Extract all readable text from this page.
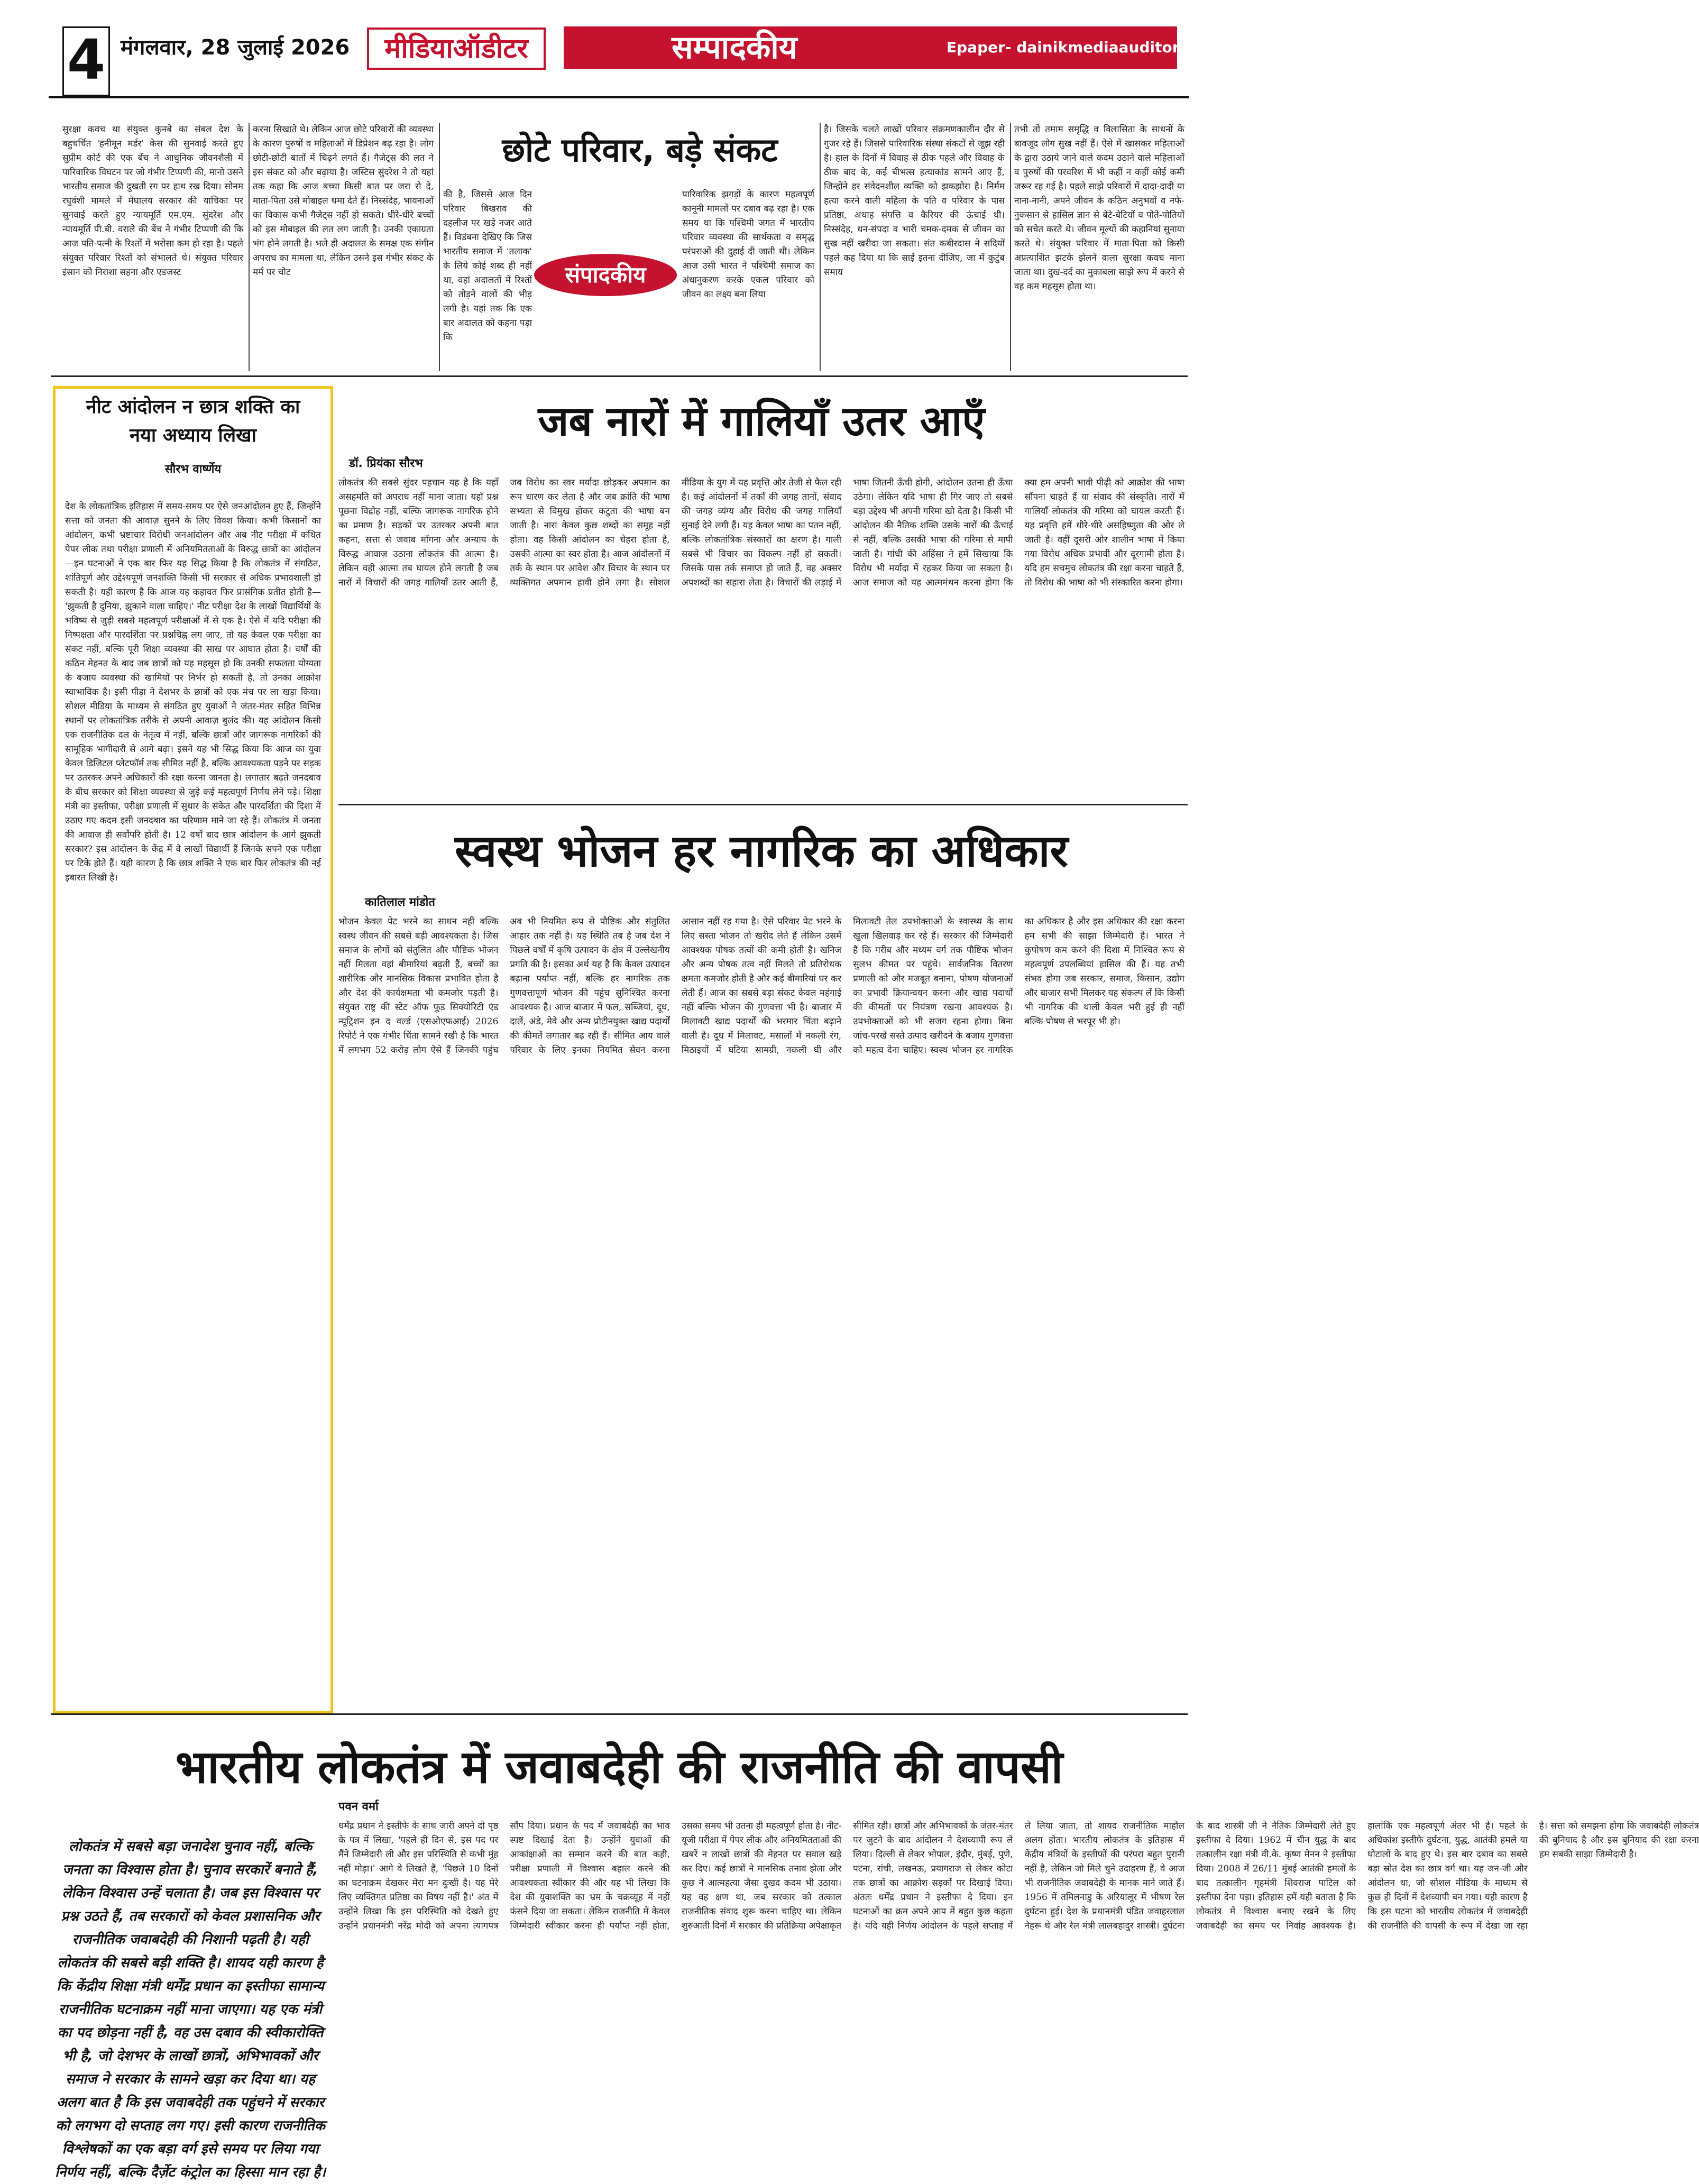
4 मंगलवार, 28 जुलाई 2026	मीडियाऑडीटर	सम्पादकीय	Epaper- dainikmediaauditor.in
सुरक्षा कवच था संयुक्त कुनबे का संबल देश के बहुचर्चित 'हनीमून मर्डर' केस की सुनवाई करते हुए सुप्रीम कोर्ट की एक बेंच ने आधुनिक जीवनशैली में पारिवारिक विघटन पर जो गंभीर टिप्पणी की, मानो उसने भारतीय समाज की दुखती रग पर हाथ रख दिया। सोनम रघुवंशी मामले में मेघालय सरकार की याचिका पर सुनवाई करते हुए न्यायमूर्ति एम.एम. सुंदरेश और न्यायमूर्ति पी.बी. वराले की बेंच ने गंभीर टिप्पणी की कि आज पति-पत्नी के रिश्तों में भरोसा कम हो रहा है। पहले संयुक्त परिवार रिश्तों को संभालते थे। संयुक्त परिवार इंसान को निराशा सहना और एडजस्ट
करना सिखाते थे। लेकिन आज छोटे परिवारों की व्यवस्था के कारण पुरुषों व महिलाओं में डिप्रेशन बढ़ रहा है। लोग छोटी-छोटी बातों में चिढ़ने लगते हैं। गैजेट्स की लत ने इस संकट को और बढ़ाया है। जस्टिस सुंदरेश ने तो यहां तक कहा कि आज बच्चा किसी बात पर जरा रो दे, माता-पिता उसे मोबाइल थमा देते हैं। निस्संदेह, भावनाओं का विकास कभी गैजेट्स नहीं हो सकते। धीरे-धीरे बच्चों को इस मोबाइल की लत लग जाती है। उनकी एकाग्रता भंग होने लगती है। भले ही अदालत के समक्ष एक संगीन अपराध का मामला था, लेकिन उसने इस गंभीर संकट के मर्म पर चोट
छोटे परिवार, बड़े संकट
संपादकीय
की है, जिससे आज दिन परिवार बिखराव की दहलीज पर खड़े नजर आते हैं। विडंबना देखिए कि जिस भारतीय समाज में 'तलाक' के लिये कोई शब्द ही नहीं था, वहां अदालतों में रिश्तों को तोड़ने वालों की भीड़ लगी है। यहां तक कि एक बार अदालत को कहना पड़ा कि
पारिवारिक झगड़ों के कारण महत्वपूर्ण कानूनी मामलों पर दबाव बढ़ रहा है। एक समय था कि पश्चिमी जगत में भारतीय परिवार व्यवस्था की सार्थकता व समृद्ध परंपराओं की दुहाई दी जाती थी। लेकिन आज उसी भारत ने पश्चिमी समाज का अंधानुकरण करके एकल परिवार को जीवन का लक्ष्य बना लिया
है। जिसके चलते लाखों परिवार संक्रमणकालीन दौर से गुजर रहे हैं। जिससे पारिवारिक संस्था संकटों से जूझ रही है। हाल के दिनों में विवाह से ठीक पहले और विवाह के ठीक बाद के, कई बीभत्स हत्याकांड सामने आए हैं, जिन्होंने हर संवेदनशील व्यक्ति को झकझोरा है। निर्मम हत्या करने वाली महिला के पति व परिवार के पास प्रतिष्ठा, अथाह संपत्ति व कैरियर की ऊंचाई थी। निस्संदेह, धन-संपदा व भारी चमक-दमक से जीवन का सुख नहीं खरीदा जा सकता। संत कबीरदास ने सदियों पहले कह दिया था कि साईं इतना दीजिए, जा में कुटुंब समाय
तभी तो तमाम समृद्धि व विलासिता के साधनों के बावजूद लोग सुख नहीं हैं। ऐसे में खासकर महिलाओं के द्वारा उठाये जाने वाले कदम उठाने वाले महिलाओं व पुरुषों की परवरिश में भी कहीं न कहीं कोई कमी जरूर रह गई है। पहले साझे परिवारों में दादा-दादी या नाना-नानी, अपने जीवन के कठिन अनुभवों व नफे-नुकसान से हासिल ज्ञान से बेटे-बेटियों व पोते-पोतियों को सचेत करते थे। जीवन मूल्यों की कहानियां सुनाया करते थे। संयुक्त परिवार में माता-पिता को किसी अप्रत्याशित झटके झेलने वाला सुरक्षा कवच माना जाता था। दुख-दर्द का मुकाबला साझे रूप में करने से वह कम महसूस होता था।
नीट आंदोलन न छात्र शक्ति का नया अध्याय लिखा
सौरभ वार्ष्णेय
देश के लोकतांत्रिक इतिहास में समय-समय पर ऐसे जनआंदोलन हुए हैं, जिन्होंने सत्ता को जनता की आवाज़ सुनने के लिए विवश किया। कभी किसानों का आंदोलन, कभी भ्रष्टाचार विरोधी जनआंदोलन और अब नीट परीक्षा में कथित पेपर लीक तथा परीक्षा प्रणाली में अनियमितताओं के विरुद्ध छात्रों का आंदोलन—इन घटनाओं ने एक बार फिर यह सिद्ध किया है कि लोकतंत्र में संगठित, शांतिपूर्ण और उद्देश्यपूर्ण जनशक्ति किसी भी सरकार से अधिक प्रभावशाली हो सकती है। यही कारण है कि आज यह कहावत फिर प्रासंगिक प्रतीत होती है— 'झुकती है दुनिया, झुकाने वाला चाहिए।' नीट परीक्षा देश के लाखों विद्यार्थियों के भविष्य से जुड़ी सबसे महत्वपूर्ण परीक्षाओं में से एक है। ऐसे में यदि परीक्षा की निष्पक्षता और पारदर्शिता पर प्रश्नचिह्न लग जाए, तो यह केवल एक परीक्षा का संकट नहीं, बल्कि पूरी शिक्षा व्यवस्था की साख पर आघात होता है। वर्षों की कठिन मेहनत के बाद जब छात्रों को यह महसूस हो कि उनकी सफलता योग्यता के बजाय व्यवस्था की खामियों पर निर्भर हो सकती है, तो उनका आक्रोश स्वाभाविक है। इसी पीड़ा ने देशभर के छात्रों को एक मंच पर ला खड़ा किया। सोशल मीडिया के माध्यम से संगठित हुए युवाओं ने जंतर-मंतर सहित विभिन्न स्थानों पर लोकतांत्रिक तरीके से अपनी आवाज़ बुलंद की। यह आंदोलन किसी एक राजनीतिक दल के नेतृत्व में नहीं, बल्कि छात्रों और जागरूक नागरिकों की सामूहिक भागीदारी से आगे बढ़ा। इसने यह भी सिद्ध किया कि आज का युवा केवल डिजिटल प्लेटफॉर्म तक सीमित नहीं है, बल्कि आवश्यकता पड़ने पर सड़क पर उतरकर अपने अधिकारों की रक्षा करना जानता है। लगातार बढ़ते जनदबाव के बीच सरकार को शिक्षा व्यवस्था से जुड़े कई महत्वपूर्ण निर्णय लेने पड़े। शिक्षा मंत्री का इस्तीफा, परीक्षा प्रणाली में सुधार के संकेत और पारदर्शिता की दिशा में उठाए गए कदम इसी जनदबाव का परिणाम माने जा रहे हैं। लोकतंत्र में जनता की आवाज़ ही सर्वोपरि होती है। 12 वर्षों बाद छात्र आंदोलन के आगे झुकती सरकार? इस आंदोलन के केंद्र में वे लाखों विद्यार्थी हैं जिनके सपने एक परीक्षा पर टिके होते हैं। यही कारण है कि छात्र शक्ति ने एक बार फिर लोकतंत्र की नई इबारत लिखी है।
जब नारों में गालियाँ उतर आएँ
डॉ. प्रियंका सौरभ
लोकतंत्र की सबसे सुंदर पहचान यह है कि यहाँ असहमति को अपराध नहीं माना जाता। यहाँ प्रश्न पूछना विद्रोह नहीं, बल्कि जागरूक नागरिक होने का प्रमाण है। सड़कों पर उतरकर अपनी बात कहना, सत्ता से जवाब माँगना और अन्याय के विरुद्ध आवाज़ उठाना लोकतंत्र की आत्मा है। लेकिन वही आत्मा तब घायल होने लगती है जब नारों में विचारों की जगह गालियाँ उतर आती हैं, जब विरोध का स्वर मर्यादा छोड़कर अपमान का रूप धारण कर लेता है और जब क्रांति की भाषा सभ्यता से विमुख होकर कटुता की भाषा बन जाती है। नारा केवल कुछ शब्दों का समूह नहीं होता। वह किसी आंदोलन का चेहरा होता है, उसकी आत्मा का स्वर होता है। आज आंदोलनों में तर्क के स्थान पर आवेश और विचार के स्थान पर व्यक्तिगत अपमान हावी होने लगा है। सोशल मीडिया के युग में यह प्रवृत्ति और तेजी से फैल रही है। कई आंदोलनों में तर्कों की जगह तानों, संवाद की जगह व्यंग्य और विरोध की जगह गालियाँ सुनाई देने लगी हैं। यह केवल भाषा का पतन नहीं, बल्कि लोकतांत्रिक संस्कारों का क्षरण है। गाली सबसे भी विचार का विकल्प नहीं हो सकती। जिसके पास तर्क समाप्त हो जाते हैं, वह अक्सर अपशब्दों का सहारा लेता है। विचारों की लड़ाई में भाषा जितनी ऊँची होगी, आंदोलन उतना ही ऊँचा उठेगा। लेकिन यदि भाषा ही गिर जाए तो सबसे बड़ा उद्देश्य भी अपनी गरिमा खो देता है। किसी भी आंदोलन की नैतिक शक्ति उसके नारों की ऊँचाई से नहीं, बल्कि उसकी भाषा की गरिमा से मापी जाती है। गांधी की अहिंसा ने हमें सिखाया कि विरोध भी मर्यादा में रहकर किया जा सकता है। आज समाज को यह आत्ममंथन करना होगा कि क्या हम अपनी भावी पीढ़ी को आक्रोश की भाषा सौंपना चाहते हैं या संवाद की संस्कृति। नारों में गालियाँ लोकतंत्र की गरिमा को घायल करती हैं। यह प्रवृत्ति हमें धीरे-धीरे असहिष्णुता की ओर ले जाती है। वहीं दूसरी ओर शालीन भाषा में किया गया विरोध अधिक प्रभावी और दूरगामी होता है। यदि हम सचमुच लोकतंत्र की रक्षा करना चाहते हैं, तो विरोध की भाषा को भी संस्कारित करना होगा।
स्वस्थ भोजन हर नागरिक का अधिकार
कातिलाल मांडोत
भोजन केवल पेट भरने का साधन नहीं बल्कि स्वस्थ जीवन की सबसे बड़ी आवश्यकता है। जिस समाज के लोगों को संतुलित और पौष्टिक भोजन नहीं मिलता वहां बीमारियां बढ़ती हैं, बच्चों का शारीरिक और मानसिक विकास प्रभावित होता है और देश की कार्यक्षमता भी कमजोर पड़ती है। संयुक्त राष्ट्र की स्टेट ऑफ फूड सिक्योरिटी एंड न्यूट्रिशन इन द वर्ल्ड (एसओएफआई) 2026 रिपोर्ट ने एक गंभीर चिंता सामने रखी है कि भारत में लगभग 52 करोड़ लोग ऐसे हैं जिनकी पहुंच अब भी नियमित रूप से पौष्टिक और संतुलित आहार तक नहीं है। यह स्थिति तब है जब देश ने पिछले वर्षों में कृषि उत्पादन के क्षेत्र में उल्लेखनीय प्रगति की है। इसका अर्थ यह है कि केवल उत्पादन बढ़ाना पर्याप्त नहीं, बल्कि हर नागरिक तक गुणवत्तापूर्ण भोजन की पहुंच सुनिश्चित करना आवश्यक है। आज बाजार में फल, सब्जियां, दूध, दालें, अंडे, मेवे और अन्य प्रोटीनयुक्त खाद्य पदार्थों की कीमतें लगातार बढ़ रही हैं। सीमित आय वाले परिवार के लिए इनका नियमित सेवन करना आसान नहीं रह गया है। ऐसे परिवार पेट भरने के लिए सस्ता भोजन तो खरीद लेते हैं लेकिन उसमें आवश्यक पोषक तत्वों की कमी होती है। खनिज और अन्य पोषक तत्व नहीं मिलते तो प्रतिरोधक क्षमता कमजोर होती है और कई बीमारियां घर कर लेती हैं। आज का सबसे बड़ा संकट केवल महंगाई नहीं बल्कि भोजन की गुणवत्ता भी है। बाजार में मिलावटी खाद्य पदार्थों की भरमार चिंता बढ़ाने वाली है। दूध में मिलावट, मसालों में नकली रंग, मिठाइयों में घटिया सामग्री, नकली घी और मिलावटी तेल उपभोक्ताओं के स्वास्थ्य के साथ खुला खिलवाड़ कर रहे हैं। सरकार की जिम्मेदारी है कि गरीब और मध्यम वर्ग तक पौष्टिक भोजन सुलभ कीमत पर पहुंचे। सार्वजनिक वितरण प्रणाली को और मजबूत बनाना, पोषण योजनाओं का प्रभावी क्रियान्वयन करना और खाद्य पदार्थों की कीमतों पर नियंत्रण रखना आवश्यक है। उपभोक्ताओं को भी सजग रहना होगा। बिना जांच-परखे सस्ते उत्पाद खरीदने के बजाय गुणवत्ता को महत्व देना चाहिए। स्वस्थ भोजन हर नागरिक का अधिकार है और इस अधिकार की रक्षा करना हम सभी की साझा जिम्मेदारी है। भारत ने कुपोषण कम करने की दिशा में निश्चित रूप से महत्वपूर्ण उपलब्धियां हासिल की हैं। यह तभी संभव होगा जब सरकार, समाज, किसान, उद्योग और बाजार सभी मिलकर यह संकल्प लें कि किसी भी नागरिक की थाली केवल भरी हुई ही नहीं बल्कि पोषण से भरपूर भी हो।
भारतीय लोकतंत्र में जवाबदेही की राजनीति की वापसी
लोकतंत्र में सबसे बड़ा जनादेश चुनाव नहीं, बल्कि जनता का विश्वास होता है। चुनाव सरकारें बनाते हैं, लेकिन विश्वास उन्हें चलाता है। जब इस विश्वास पर प्रश्न उठते हैं, तब सरकारों को केवल प्रशासनिक और राजनीतिक जवाबदेही की निशानी पढ़ती है। यही लोकतंत्र की सबसे बड़ी शक्ति है। शायद यही कारण है कि केंद्रीय शिक्षा मंत्री धर्मेंद्र प्रधान का इस्तीफा सामान्य राजनीतिक घटनाक्रम नहीं माना जाएगा। यह एक मंत्री का पद छोड़ना नहीं है, वह उस दबाव की स्वीकारोक्ति भी है, जो देशभर के लाखों छात्रों, अभिभावकों और समाज ने सरकार के सामने खड़ा कर दिया था। यह अलग बात है कि इस जवाबदेही तक पहुंचने में सरकार को लगभग दो सप्ताह लग गए। इसी कारण राजनीतिक विश्लेषकों का एक बड़ा वर्ग इसे समय पर लिया गया निर्णय नहीं, बल्कि दैर्ज़ेट कंट्रोल का हिस्सा मान रहा है।
पवन वर्मा
धर्मेंद्र प्रधान ने इस्तीफे के साथ जारी अपने दो पृष्ठ के पत्र में लिखा, 'पहले ही दिन से, इस पद पर मैंने जिम्मेदारी ली और इस परिस्थिति से कभी मुंह नहीं मोड़ा।' आगे वे लिखते हैं, 'पिछले 10 दिनों का घटनाक्रम देखकर मेरा मन दुःखी है। यह मेरे लिए व्यक्तिगत प्रतिष्ठा का विषय नहीं है।' अंत में उन्होंने लिखा कि इस परिस्थिति को देखते हुए उन्होंने प्रधानमंत्री नरेंद्र मोदी को अपना त्यागपत्र सौंप दिया। प्रधान के पद में जवाबदेही का भाव स्पष्ट दिखाई देता है। उन्होंने युवाओं की आकांक्षाओं का सम्मान करने की बात कही, परीक्षा प्रणाली में विश्वास बहाल करने की आवश्यकता स्वीकार की और यह भी लिखा कि देश की युवाशक्ति का भ्रम के चक्रव्यूह में नहीं फंसने दिया जा सकता। लेकिन राजनीति में केवल जिम्मेदारी स्वीकार करना ही पर्याप्त नहीं होता, उसका समय भी उतना ही महत्वपूर्ण होता है। नीट-यूजी परीक्षा में पेपर लीक और अनियमितताओं की खबरें न लाखों छात्रों की मेहनत पर सवाल खड़े कर दिए। कई छात्रों ने मानसिक तनाव झेला और कुछ ने आत्महत्या जैसा दुखद कदम भी उठाया। यह वह क्षण था, जब सरकार को तत्काल राजनीतिक संवाद शुरू करना चाहिए था। लेकिन शुरुआती दिनों में सरकार की प्रतिक्रिया अपेक्षाकृत सीमित रही। छात्रों और अभिभावकों के जंतर-मंतर पर जुटने के बाद आंदोलन ने देशव्यापी रूप ले लिया। दिल्ली से लेकर भोपाल, इंदौर, मुंबई, पुणे, पटना, रांची, लखनऊ, प्रयागराज से लेकर कोटा तक छात्रों का आक्रोश सड़कों पर दिखाई दिया। अंततः धर्मेंद्र प्रधान ने इस्तीफा दे दिया। इन घटनाओं का क्रम अपने आप में बहुत कुछ कहता है। यदि यही निर्णय आंदोलन के पहले सप्ताह में ले लिया जाता, तो शायद राजनीतिक माहौल अलग होता। भारतीय लोकतंत्र के इतिहास में केंद्रीय मंत्रियों के इस्तीफों की परंपरा बहुत पुरानी नहीं है, लेकिन जो मिले चुने उदाहरण हैं, वे आज भी राजनीतिक जवाबदेही के मानक माने जाते हैं। 1956 में तमिलनाडु के अरियालूर में भीषण रेल दुर्घटना हुई। देश के प्रधानमंत्री पंडित जवाहरलाल नेहरू थे और रेल मंत्री लालबहादुर शास्त्री। दुर्घटना के बाद शास्त्री जी ने नैतिक जिम्मेदारी लेते हुए इस्तीफा दे दिया। 1962 में चीन युद्ध के बाद तत्कालीन रक्षा मंत्री वी.के. कृष्ण मेनन ने इस्तीफा दिया। 2008 में 26/11 मुंबई आतंकी हमलों के बाद तत्कालीन गृहमंत्री शिवराज पाटिल को इस्तीफा देना पड़ा। इतिहास हमें यही बताता है कि लोकतंत्र में विश्वास बनाए रखने के लिए जवाबदेही का समय पर निर्वाह आवश्यक है। हालांकि एक महत्वपूर्ण अंतर भी है। पहले के अधिकांश इस्तीफे दुर्घटना, युद्ध, आतंकी हमले या घोटालों के बाद हुए थे। इस बार दबाव का सबसे बड़ा स्रोत देश का छात्र वर्ग था। यह जन-जी और आंदोलन था, जो सोशल मीडिया के माध्यम से कुछ ही दिनों में देशव्यापी बन गया। यही कारण है कि इस घटना को भारतीय लोकतंत्र में जवाबदेही की राजनीति की वापसी के रूप में देखा जा रहा है। सत्ता को समझना होगा कि जवाबदेही लोकतंत्र की बुनियाद है और इस बुनियाद की रक्षा करना हम सबकी साझा जिम्मेदारी है।
